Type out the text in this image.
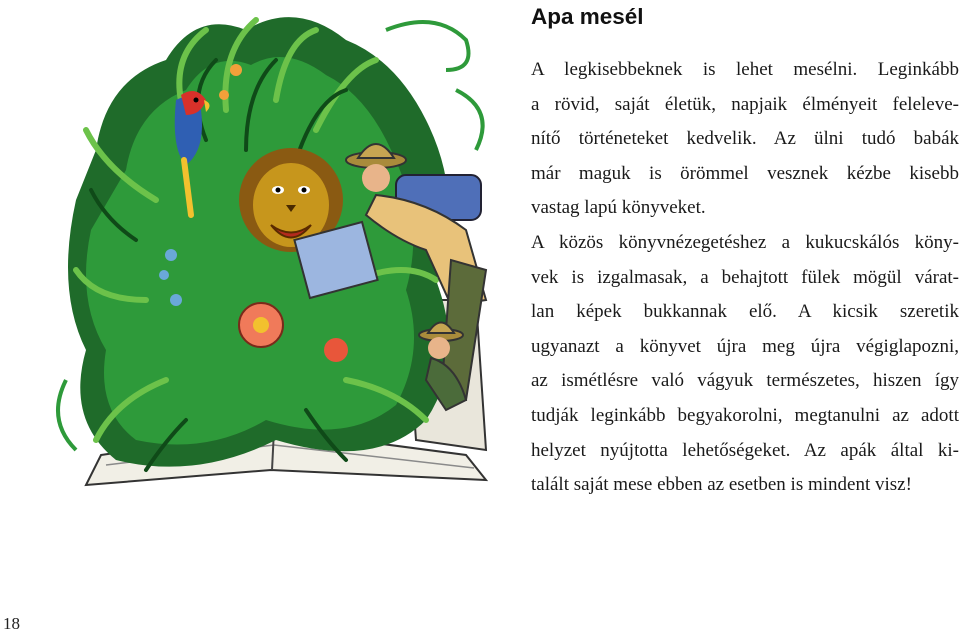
Apa mesél
A legkisebbeknek is lehet mesélni. Leginkább
a rövid, saját életük, napjaik élményeit feleleve-
nítő történeteket kedvelik. Az ülni tudó babák
már maguk is örömmel vesznek kézbe kisebb
vastag lapú könyveket.
A közös könyvnézegetéshez a kukucskálós köny-
vek is izgalmasak, a behajtott fülek mögül várat-
lan képek bukkannak elő. A kicsik szeretik
ugyanazt a könyvet újra meg újra végiglapozni,
az ismétlésre való vágyuk természetes, hiszen így
tudják leginkább begyakorolni, megtanulni az adott
helyzet nyújtotta lehetőségeket. Az apák által ki-
talált saját mese ebben az esetben is mindent visz!
18
